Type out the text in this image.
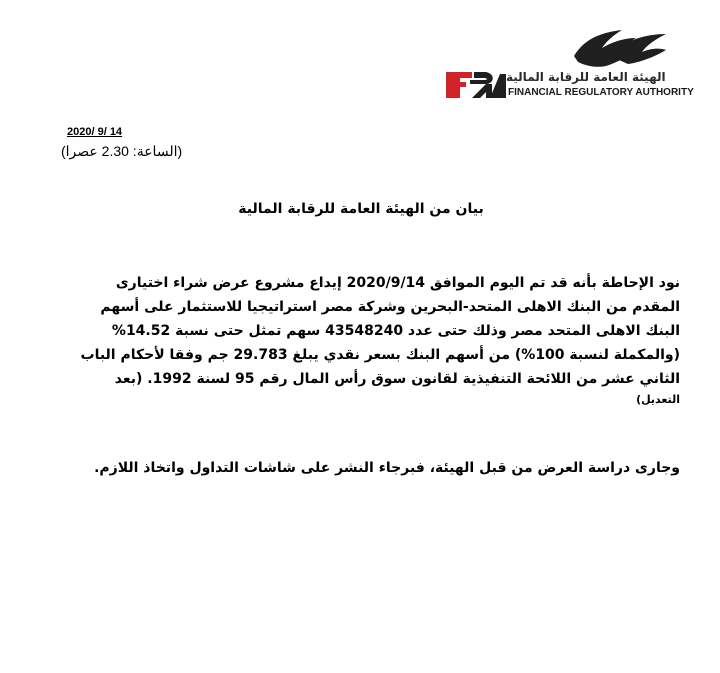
الهيئة العامة للرقابة المالية
FINANCIAL REGULATORY AUTHORITY
2020/ 9/ 14
(الساعة: 2.30 عصرا)
بيان من الهيئة العامة للرقابة المالية
نود الإحاطة بأنه قد تم اليوم الموافق 2020/9/14 إيداع مشروع عرض شراء اختيارى
المقدم من البنك الاهلى المتحد-البحرين وشركة مصر استراتيجيا للاستثمار على أسهم
البنك الاهلى المتحد مصر وذلك حتى عدد 43548240 سهم تمثل حتى نسبة 14.52%
(والمكملة لنسبة 100%) من أسهم البنك بسعر نقدي يبلغ 29.783 جم وفقا لأحكام الباب
الثاني عشر من اللائحة التنفيذية لقانون سوق رأس المال رقم 95 لسنة 1992. (بعد
التعديل)
وجارى دراسة العرض من قبل الهيئة، فبرجاء النشر على شاشات التداول واتخاذ اللازم.
